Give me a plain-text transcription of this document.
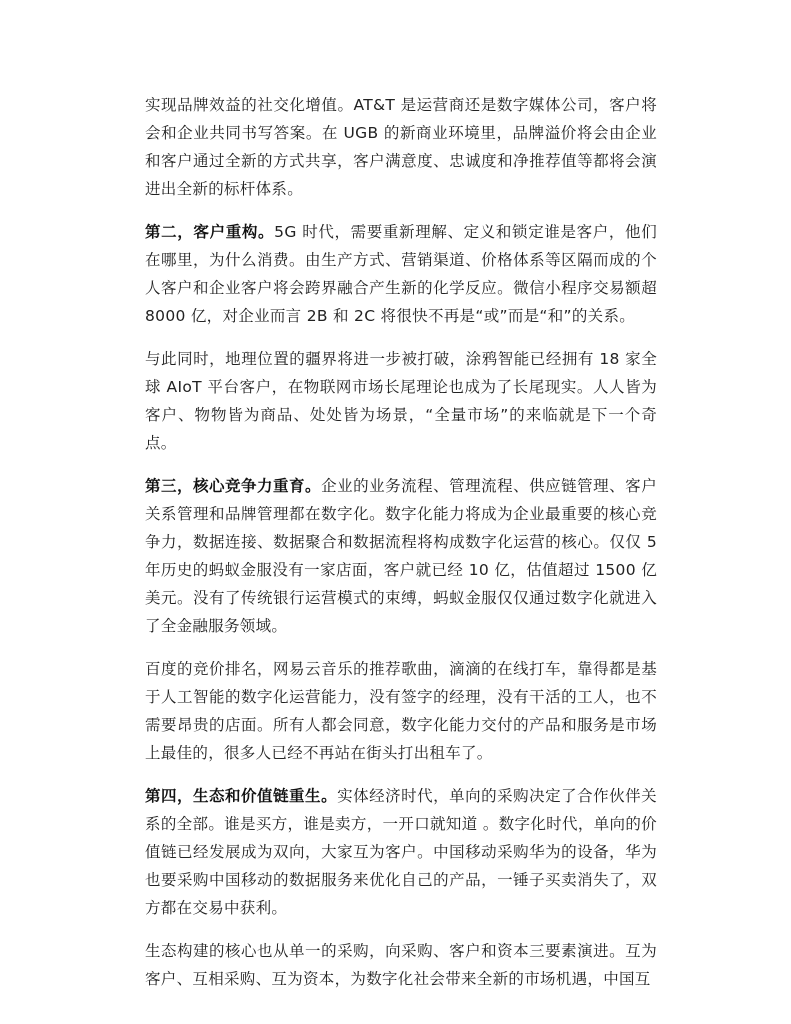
实现品牌效益的社交化增值。AT&T 是运营商还是数字媒体公司，客户将会和企业共同书写答案。在 UGB 的新商业环境里，品牌溢价将会由企业和客户通过全新的方式共享，客户满意度、忠诚度和净推荐值等都将会演进出全新的标杆体系。

第二，客户重构。5G 时代，需要重新理解、定义和锁定谁是客户，他们在哪里，为什么消费。由生产方式、营销渠道、价格体系等区隔而成的个人客户和企业客户将会跨界融合产生新的化学反应。微信小程序交易额超 8000 亿，对企业而言 2B 和 2C 将很快不再是“或”而是“和”的关系。

与此同时，地理位置的疆界将进一步被打破，涂鸦智能已经拥有 18 家全球 AIoT 平台客户，在物联网市场长尾理论也成为了长尾现实。人人皆为客户、物物皆为商品、处处皆为场景，“全量市场”的来临就是下一个奇点。

第三，核心竞争力重育。企业的业务流程、管理流程、供应链管理、客户关系管理和品牌管理都在数字化。数字化能力将成为企业最重要的核心竞争力，数据连接、数据聚合和数据流程将构成数字化运营的核心。仅仅 5 年历史的蚂蚁金服没有一家店面，客户就已经 10 亿，估值超过 1500 亿美元。没有了传统银行运营模式的束缚，蚂蚁金服仅仅通过数字化就进入了全金融服务领域。

百度的竞价排名，网易云音乐的推荐歌曲，滴滴的在线打车，靠得都是基于人工智能的数字化运营能力，没有签字的经理，没有干活的工人，也不需要昂贵的店面。所有人都会同意，数字化能力交付的产品和服务是市场上最佳的，很多人已经不再站在街头打出租车了。

第四，生态和价值链重生。实体经济时代，单向的采购决定了合作伙伴关系的全部。谁是买方，谁是卖方，一开口就知道 。数字化时代，单向的价值链已经发展成为双向，大家互为客户。中国移动采购华为的设备，华为也要采购中国移动的数据服务来优化自己的产品，一锤子买卖消失了，双方都在交易中获利。

生态构建的核心也从单一的采购，向采购、客户和资本三要素演进。互为客户、互相采购、互为资本，为数字化社会带来全新的市场机遇，中国互
